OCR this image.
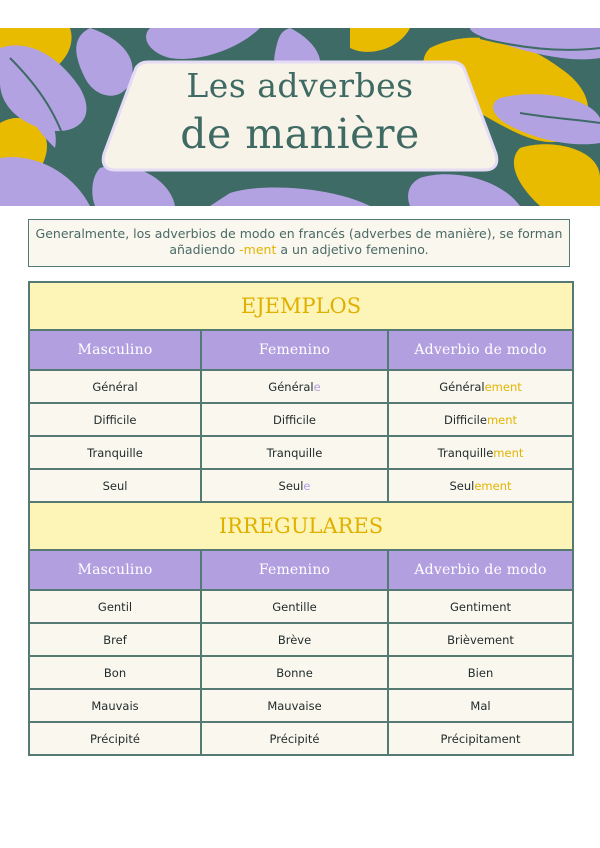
Les adverbes
de manière
Generalmente, los adverbios de modo en francés (adverbes de manière), se forman añadiendo -ment a un adjetivo femenino.
EJEMPLOS		
Masculino	Femenino	Adverbio de modo
Général	Générale	Généralement
Difficile	Difficile	Difficilement
Tranquille	Tranquille	Tranquillement
Seul	Seule	Seulement
IRREGULARES		
Masculino	Femenino	Adverbio de modo
Gentil	Gentille	Gentiment
Bref	Brève	Brièvement
Bon	Bonne	Bien
Mauvais	Mauvaise	Mal
Précipité	Précipité	Précipitament
